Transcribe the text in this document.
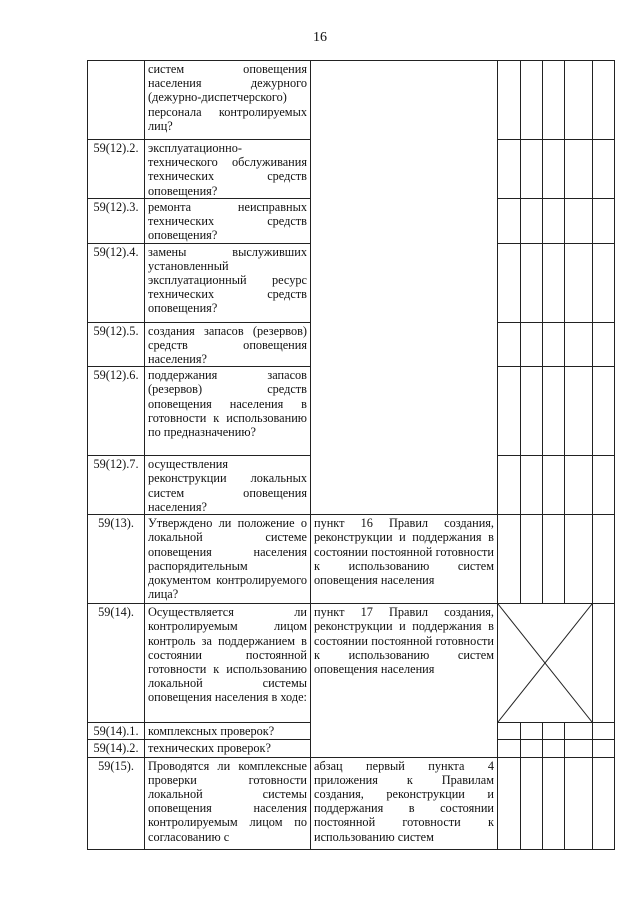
16
	систем оповещения населения дежурного (дежурно-диспетчерского) персонала контролируемых лиц?						
59(12).2.	эксплуатационно-технического обслуживания технических средств оповещения?						
59(12).3.	ремонта неисправных технических средств оповещения?						
59(12).4.	замены выслуживших установленный эксплуатационный ресурс технических средств оповещения?						
59(12).5.	создания запасов (резервов) средств оповещения населения?						
59(12).6.	поддержания запасов (резервов) средств оповещения населения в готовности к использованию по предназначению?						
59(12).7.	осуществления реконструкции локальных систем оповещения населения?						
59(13).	Утверждено ли положение о локальной системе оповещения населения распорядительным документом контролируемого лица?	пункт 16 Правил создания, реконструкции и поддержания в состоянии постоянной готовности к использованию систем оповещения населения					
59(14).	Осуществляется ли контролируемым лицом контроль за поддержанием в состоянии постоянной готовности к использованию локальной системы оповещения населения в ходе:	пункт 17 Правил создания, реконструкции и поддержания в состоянии постоянной готовности к использованию систем оповещения населения	

59(14).1.	комплексных проверок?						
59(14).2.	технических проверок?						
59(15).	Проводятся ли комплексные проверки готовности локальной системы оповещения населения контролируемым лицом по согласованию с	абзац первый пункта 4 приложения к Правилам создания, реконструкции и поддержания в состоянии постоянной готовности к использованию систем					
